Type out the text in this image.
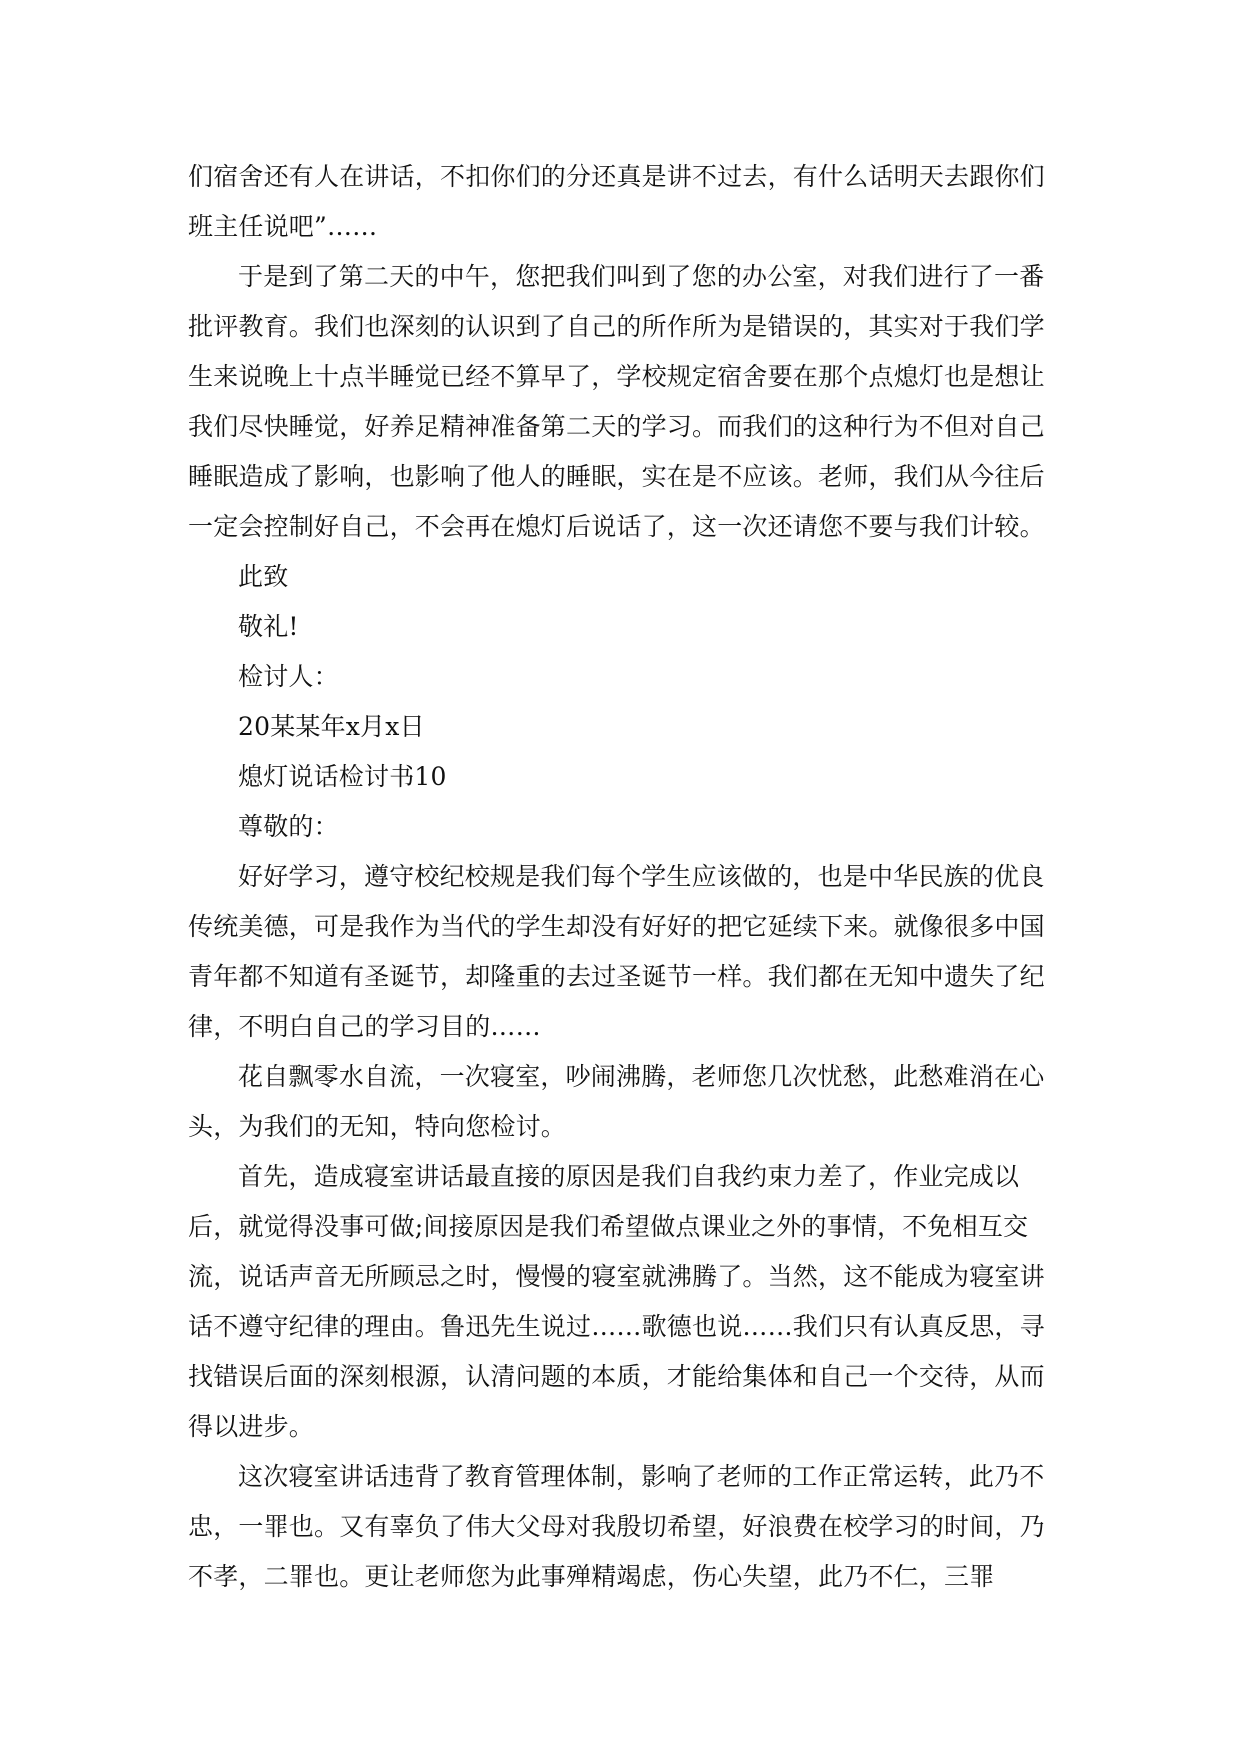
们宿舍还有人在讲话，不扣你们的分还真是讲不过去，有什么话明天去跟你们
班主任说吧”……
于是到了第二天的中午，您把我们叫到了您的办公室，对我们进行了一番
批评教育。我们也深刻的认识到了自己的所作所为是错误的，其实对于我们学
生来说晚上十点半睡觉已经不算早了，学校规定宿舍要在那个点熄灯也是想让
我们尽快睡觉，好养足精神准备第二天的学习。而我们的这种行为不但对自己
睡眠造成了影响，也影响了他人的睡眠，实在是不应该。老师，我们从今往后
一定会控制好自己，不会再在熄灯后说话了，这一次还请您不要与我们计较。
此致
敬礼!
检讨人：
20某某年x月x日
熄灯说话检讨书10
尊敬的：
好好学习，遵守校纪校规是我们每个学生应该做的，也是中华民族的优良
传统美德，可是我作为当代的学生却没有好好的把它延续下来。就像很多中国
青年都不知道有圣诞节，却隆重的去过圣诞节一样。我们都在无知中遗失了纪
律，不明白自己的学习目的……
花自飘零水自流，一次寝室，吵闹沸腾，老师您几次忧愁，此愁难消在心
头，为我们的无知，特向您检讨。
首先，造成寝室讲话最直接的原因是我们自我约束力差了，作业完成以
后，就觉得没事可做;间接原因是我们希望做点课业之外的事情，不免相互交
流，说话声音无所顾忌之时，慢慢的寝室就沸腾了。当然，这不能成为寝室讲
话不遵守纪律的理由。鲁迅先生说过……歌德也说……我们只有认真反思，寻
找错误后面的深刻根源，认清问题的本质，才能给集体和自己一个交待，从而
得以进步。
这次寝室讲话违背了教育管理体制，影响了老师的工作正常运转，此乃不
忠，一罪也。又有辜负了伟大父母对我殷切希望，好浪费在校学习的时间，乃
不孝，二罪也。更让老师您为此事殚精竭虑，伤心失望，此乃不仁，三罪
